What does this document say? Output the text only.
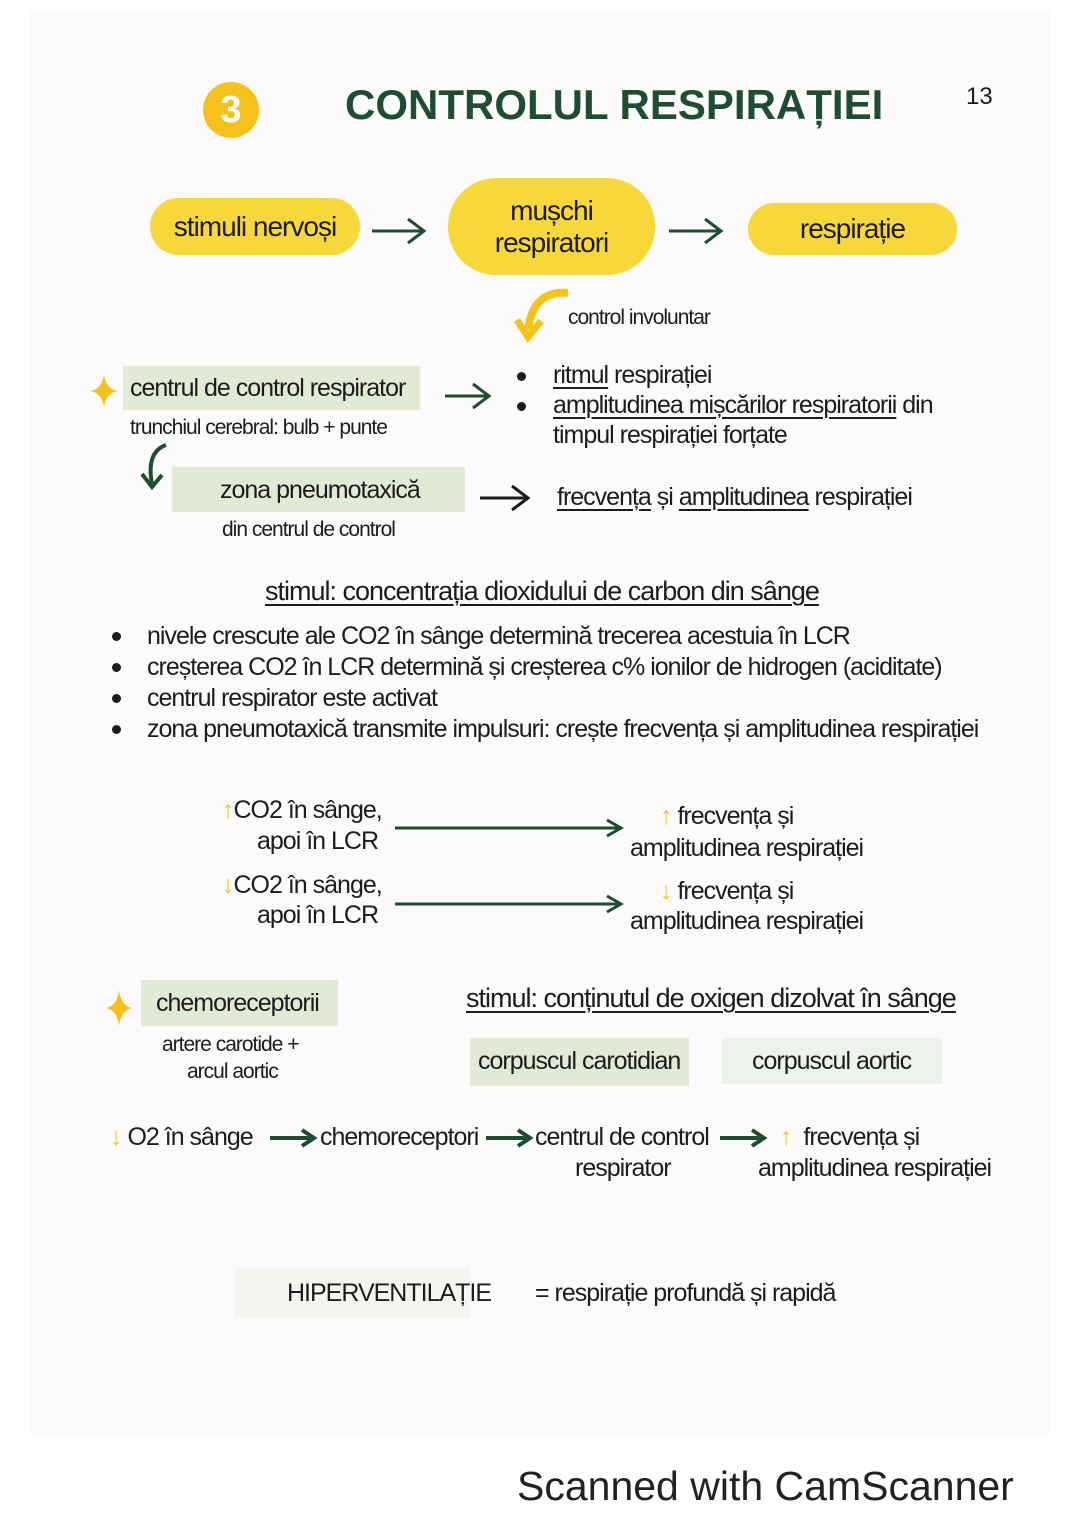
3	CONTROLUL RESPIRAȚIEI	13
stimuli nervoși
mușchi
respiratori	respirație
control involuntar
centrul de control respirator
trunchiul cerebral: bulb + punte
ritmul respirației
amplitudinea mișcărilor respiratorii din
timpul respirației forțate
zona pneumotaxică
din centrul de control
frecvența și amplitudinea respirației
stimul: concentrația dioxidului de carbon din sânge
nivele crescute ale CO2 în sânge determină trecerea acestuia în LCR
creșterea CO2 în LCR determină și creșterea c% ionilor de hidrogen (aciditate)
centrul respirator este activat
zona pneumotaxică transmite impulsuri: crește frecvența și amplitudinea respirației
↑CO2 în sânge,
apoi în LCR
↑ frecvența și
amplitudinea respirației
↓CO2 în sânge,
apoi în LCR
↓ frecvența și
amplitudinea respirației
chemoreceptorii
artere carotide +
arcul aortic
stimul: conținutul de oxigen dizolvat în sânge
corpuscul carotidian	corpuscul aortic
↓ O2 în sânge	chemoreceptori centrul de control
respirator
↑ frecvența și
amplitudinea respirației
HIPERVENTILAȚIE = respirație profundă și rapidă
Scanned with CamScanner
